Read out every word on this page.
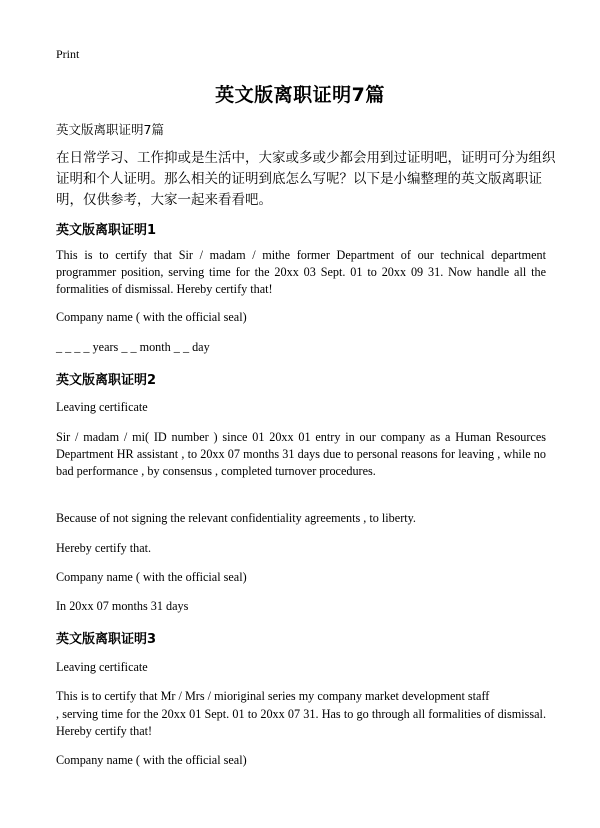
Print
英文版离职证明7篇
英文版离职证明7篇

在日常学习、工作抑或是生活中，大家或多或少都会用到过证明吧，证明可分为组织证明和个人证明。那么相关的证明到底怎么写呢？以下是小编整理的英文版离职证明，仅供参考，大家一起来看看吧。

英文版离职证明1

This is to certify that Sir / madam / mithe former Department of our technical department programmer position, serving time for the 20xx 03 Sept. 01 to 20xx 09 31. Now handle all the formalities of dismissal. Hereby certify that!

Company name ( with the official seal)
_ _ _ _ years _ _ month _ _ day
英文版离职证明2
Leaving certificate

Sir / madam / mi( ID number ) since 01 20xx 01 entry in our company as a Human Resources Department HR assistant , to 20xx 07 months 31 days due to personal reasons for leaving , while no bad performance , by consensus , completed turnover procedures.

Because of not signing the relevant confidentiality agreements , to liberty.
Hereby certify that.
Company name ( with the official seal)
In 20xx 07 months 31 days
英文版离职证明3
Leaving certificate
This is to certify that Mr / Mrs / mioriginal series my company market development staff

, serving time for the 20xx 01 Sept. 01 to 20xx 07 31. Has to go through all formalities of dismissal. Hereby certify that!

Company name ( with the official seal)
